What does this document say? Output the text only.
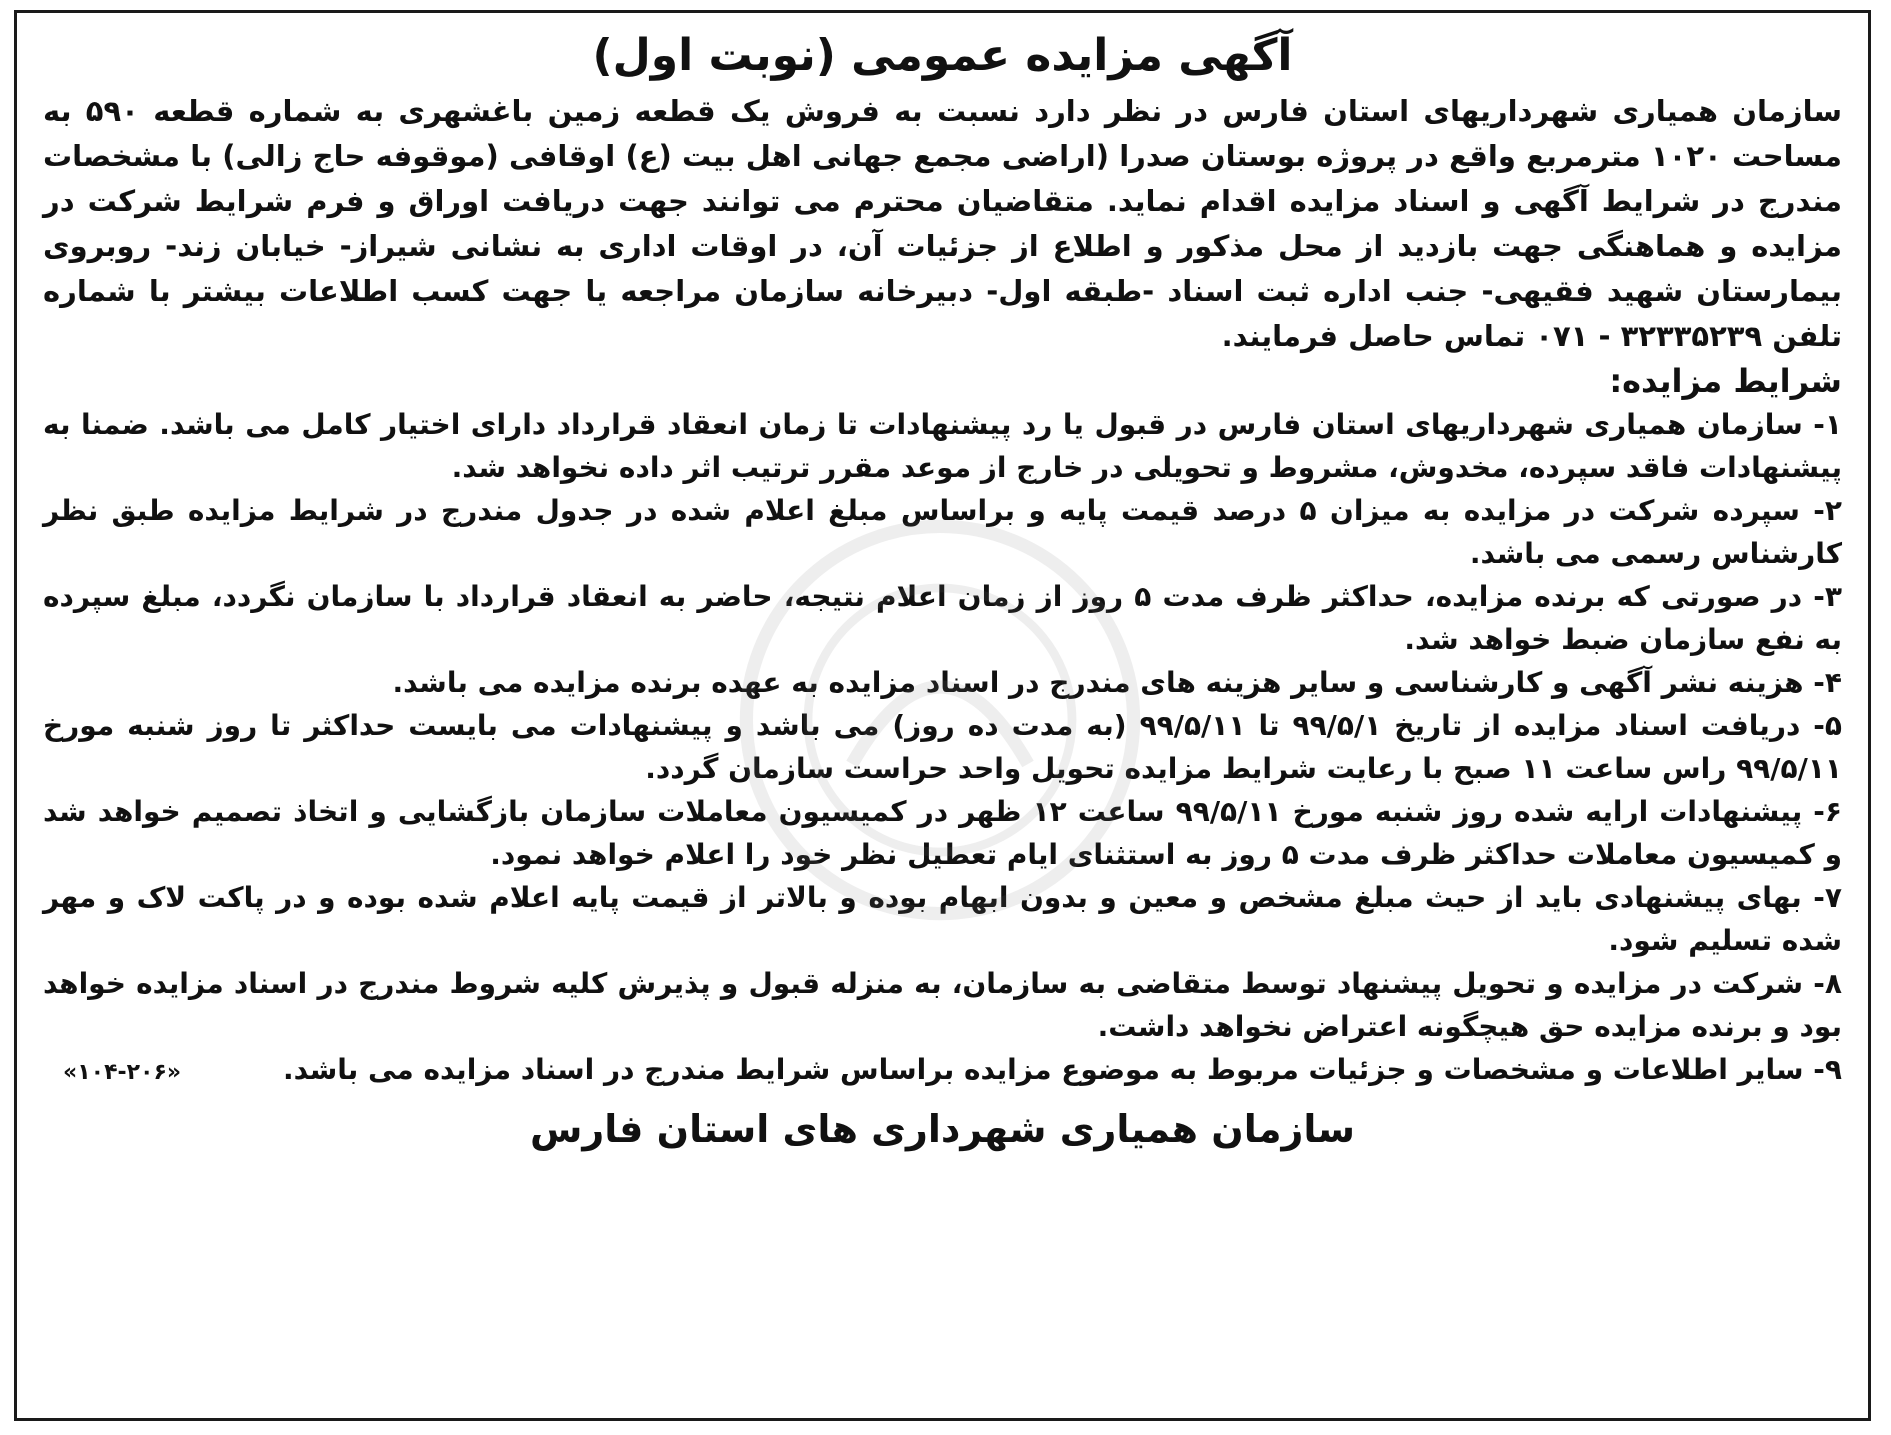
آگهی مزایده عمومی (نوبت اول)

سازمان همیاری شهرداریهای استان فارس در نظر دارد نسبت به فروش یک قطعه زمین باغشهری به شماره قطعه ۵۹۰ به مساحت ۱۰۲۰ مترمربع واقع در پروژه بوستان صدرا (اراضی مجمع جهانی اهل بیت (ع) اوقافی (موقوفه حاج زالی) با مشخصات مندرج در شرایط آگهی و اسناد مزایده اقدام نماید. متقاضیان محترم می توانند جهت دریافت اوراق و فرم شرایط شرکت در مزایده و هماهنگی جهت بازدید از محل مذکور و اطلاع از جزئیات آن، در اوقات اداری به نشانی شیراز- خیابان زند- روبروی بیمارستان شهید فقیهی- جنب اداره ثبت اسناد -طبقه اول- دبیرخانه سازمان مراجعه یا جهت کسب اطلاعات بیشتر با شماره تلفن ۳۲۳۳۵۲۳۹ - ۰۷۱ تماس حاصل فرمایند.

شرایط مزایده:
۱- سازمان همیاری شهرداریهای استان فارس در قبول یا رد پیشنهادات تا زمان انعقاد قرارداد دارای اختیار کامل می باشد. ضمنا به پیشنهادات فاقد سپرده، مخدوش، مشروط و تحویلی در خارج از موعد مقرر ترتیب اثر داده نخواهد شد.
۲- سپرده شرکت در مزایده به میزان ۵ درصد قیمت پایه و براساس مبلغ اعلام شده در جدول مندرج در شرایط مزایده طبق نظر کارشناس رسمی می باشد.
۳- در صورتی که برنده مزایده، حداکثر ظرف مدت ۵ روز از زمان اعلام نتیجه، حاضر به انعقاد قرارداد با سازمان نگردد، مبلغ سپرده به نفع سازمان ضبط خواهد شد.
۴- هزینه نشر آگهی و کارشناسی و سایر هزینه های مندرج در اسناد مزایده به عهده برنده مزایده می باشد.
۵- دریافت اسناد مزایده از تاریخ ۹۹/۵/۱ تا ۹۹/۵/۱۱ (به مدت ده روز) می باشد و پیشنهادات می بایست حداکثر تا روز شنبه مورخ ۹۹/۵/۱۱ راس ساعت ۱۱ صبح با رعایت شرایط مزایده تحویل واحد حراست سازمان گردد.
۶- پیشنهادات ارایه شده روز شنبه مورخ ۹۹/۵/۱۱ ساعت ۱۲ ظهر در کمیسیون معاملات سازمان بازگشایی و اتخاذ تصمیم خواهد شد و کمیسیون معاملات حداکثر ظرف مدت ۵ روز به استثنای ایام تعطیل نظر خود را اعلام خواهد نمود.
۷- بهای پیشنهادی باید از حیث مبلغ مشخص و معین و بدون ابهام بوده و بالاتر از قیمت پایه اعلام شده بوده و در پاکت لاک و مهر شده تسلیم شود.
۸- شرکت در مزایده و تحویل پیشنهاد توسط متقاضی به سازمان، به منزله قبول و پذیرش کلیه شروط مندرج در اسناد مزایده خواهد بود و برنده مزایده حق هیچگونه اعتراض نخواهد داشت.
۹- سایر اطلاعات و مشخصات و جزئیات مربوط به موضوع مزایده براساس شرایط مندرج در اسناد مزایده می باشد.
«۱۰۴-۲۰۶»
سازمان همیاری شهرداری های استان فارس
